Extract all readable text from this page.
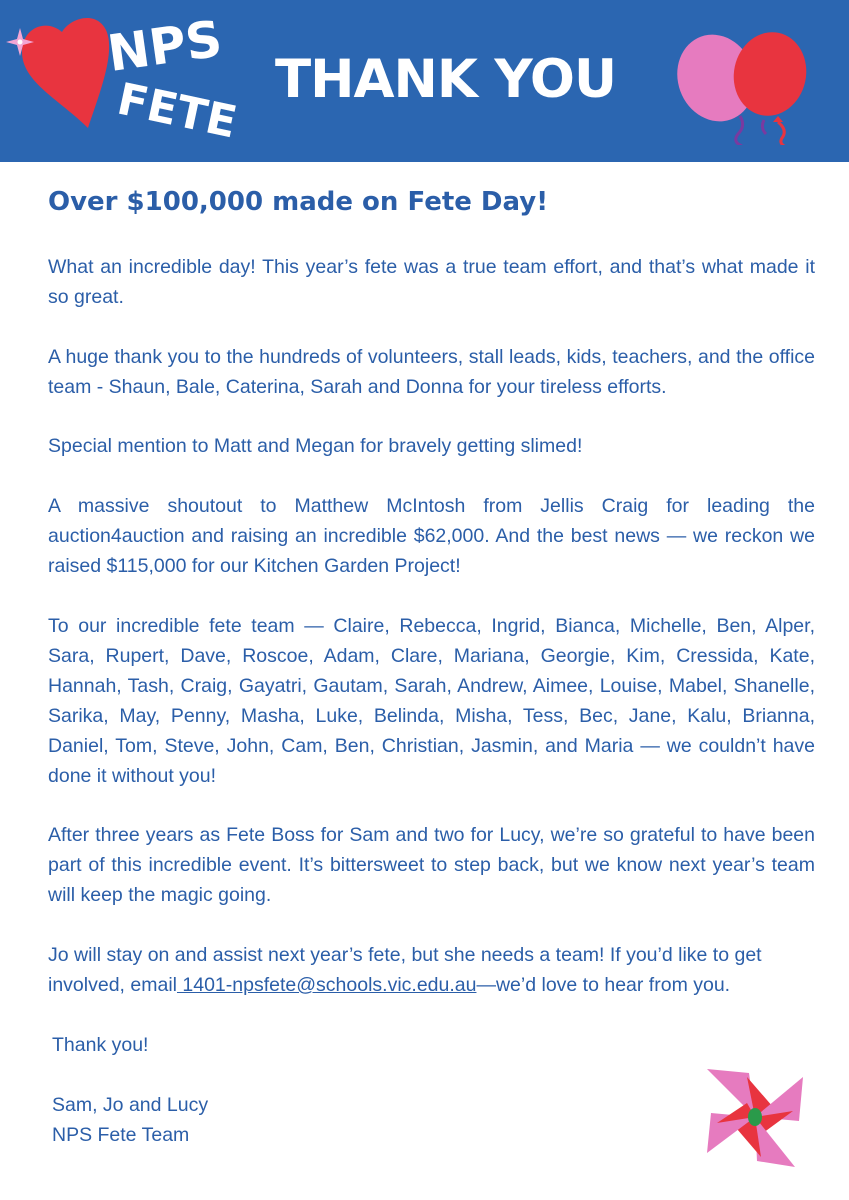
NPS
FETE THANK YOU
Over $100,000 made on Fete Day!

What an incredible day! This year’s fete was a true team effort, and that’s what made it so great.

A huge thank you to the hundreds of volunteers, stall leads, kids, teachers, and the office team - Shaun, Bale, Caterina, Sarah and Donna for your tireless efforts.

Special mention to Matt and Megan for bravely getting slimed!

A massive shoutout to Matthew McIntosh from Jellis Craig for leading the auction4auction and raising an incredible $62,000. And the best news — we reckon we raised $115,000 for our Kitchen Garden Project!

To our incredible fete team — Claire, Rebecca, Ingrid, Bianca, Michelle, Ben, Alper, Sara, Rupert, Dave, Roscoe, Adam, Clare, Mariana, Georgie, Kim, Cressida, Kate, Hannah, Tash, Craig, Gayatri, Gautam, Sarah, Andrew, Aimee, Louise, Mabel, Shanelle, Sarika, May, Penny, Masha, Luke, Belinda, Misha, Tess, Bec, Jane, Kalu, Brianna, Daniel, Tom, Steve, John, Cam, Ben, Christian, Jasmin, and Maria — we couldn’t have done it without you!

After three years as Fete Boss for Sam and two for Lucy, we’re so grateful to have been part of this incredible event. It’s bittersweet to step back, but we know next year’s team will keep the magic going.

Jo will stay on and assist next year’s fete, but she needs a team! If you’d like to get involved, email 1401-npsfete@schools.vic.edu.au—we’d love to hear from you.

Thank you!

Sam, Jo and Lucy

NPS Fete Team
